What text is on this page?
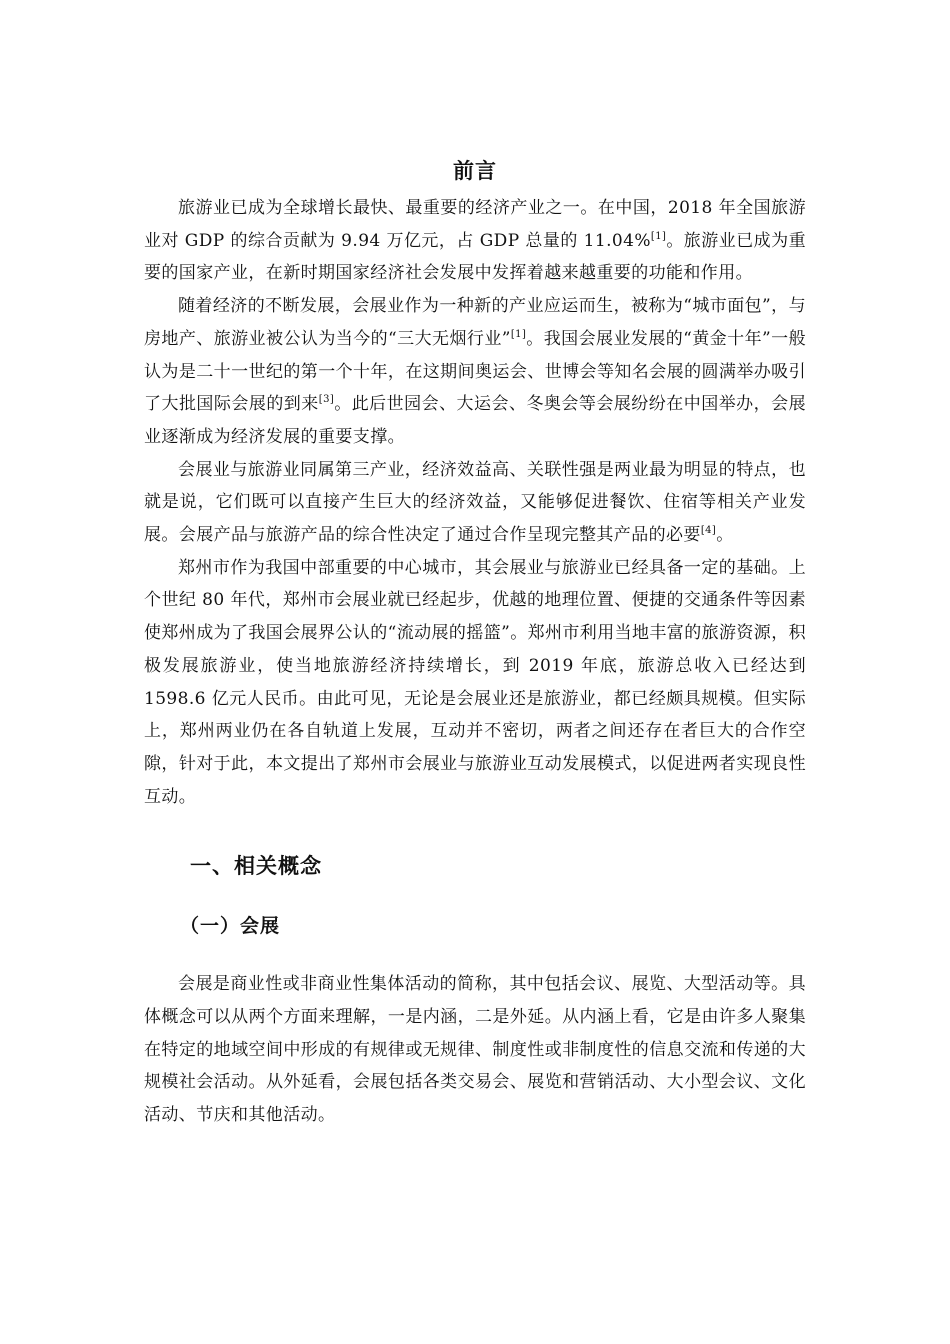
前言

旅游业已成为全球增长最快、最重要的经济产业之一。在中国，2018 年全国旅游业对 GDP 的综合贡献为 9.94 万亿元，占 GDP 总量的 11.04%[1]。旅游业已成为重要的国家产业，在新时期国家经济社会发展中发挥着越来越重要的功能和作用。

随着经济的不断发展，会展业作为一种新的产业应运而生，被称为“城市面包”，与房地产、旅游业被公认为当今的“三大无烟行业”[1]。我国会展业发展的“黄金十年”一般认为是二十一世纪的第一个十年，在这期间奥运会、世博会等知名会展的圆满举办吸引了大批国际会展的到来[3]。此后世园会、大运会、冬奥会等会展纷纷在中国举办，会展业逐渐成为经济发展的重要支撑。

会展业与旅游业同属第三产业，经济效益高、关联性强是两业最为明显的特点，也就是说，它们既可以直接产生巨大的经济效益，又能够促进餐饮、住宿等相关产业发展。会展产品与旅游产品的综合性决定了通过合作呈现完整其产品的必要[4]。

郑州市作为我国中部重要的中心城市，其会展业与旅游业已经具备一定的基础。上个世纪 80 年代，郑州市会展业就已经起步，优越的地理位置、便捷的交通条件等因素使郑州成为了我国会展界公认的“流动展的摇篮”。郑州市利用当地丰富的旅游资源，积极发展旅游业，使当地旅游经济持续增长，到 2019 年底，旅游总收入已经达到 1598.6 亿元人民币。由此可见，无论是会展业还是旅游业，都已经颇具规模。但实际上，郑州两业仍在各自轨道上发展，互动并不密切，两者之间还存在者巨大的合作空隙，针对于此，本文提出了郑州市会展业与旅游业互动发展模式，以促进两者实现良性互动。

一、相关概念
（一）会展

会展是商业性或非商业性集体活动的简称，其中包括会议、展览、大型活动等。具体概念可以从两个方面来理解，一是内涵，二是外延。从内涵上看，它是由许多人聚集在特定的地域空间中形成的有规律或无规律、制度性或非制度性的信息交流和传递的大规模社会活动。从外延看，会展包括各类交易会、展览和营销活动、大小型会议、文化活动、节庆和其他活动。
